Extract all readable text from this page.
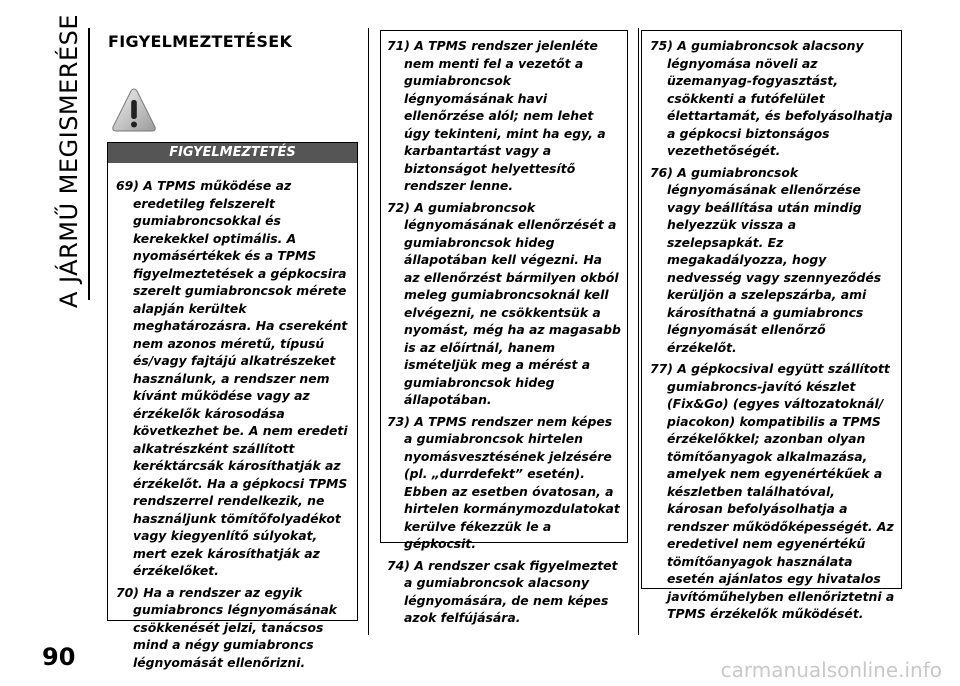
A JÁRMŰ MEGISMERÉSE FIGYELMEZTETÉSEK
FIGYELMEZTETÉS
69) A TPMS működése az eredetileg felszerelt gumiabroncsokkal és kerekekkel optimális. A nyomásértékek és a TPMS figyelmeztetések a gépkocsira szerelt gumiabroncsok mérete alapján kerültek meghatározásra. Ha csereként nem azonos méretű, típusú és/vagy fajtájú alkatrészeket használunk, a rendszer nem kívánt működése vagy az érzékelők károsodása következhet be. A nem eredeti alkatrészként szállított keréktárcsák károsíthatják az érzékelőt. Ha a gépkocsi TPMS rendszerrel rendelkezik, ne használjunk tömítőfolyadékot vagy kiegyenlítő súlyokat, mert ezek károsíthatják az érzékelőket.
70) Ha a rendszer az egyik gumiabroncs légnyomásának csökkenését jelzi, tanácsos mind a négy gumiabroncs légnyomását ellenőrizni.
71) A TPMS rendszer jelenléte nem menti fel a vezetőt a gumiabroncsok légnyomásának havi ellenőrzése alól; nem lehet úgy tekinteni, mint ha egy, a karbantartást vagy a biztonságot helyettesítő rendszer lenne.
72) A gumiabroncsok légnyomásának ellenőrzését a gumiabroncsok hideg állapotában kell végezni. Ha az ellenőrzést bármilyen okból meleg gumiabroncsoknál kell elvégezni, ne csökkentsük a nyomást, még ha az magasabb is az előírtnál, hanem ismételjük meg a mérést a gumiabroncsok hideg állapotában.
73) A TPMS rendszer nem képes a gumiabroncsok hirtelen nyomásvesztésének jelzésére (pl. „durrdefekt” esetén). Ebben az esetben óvatosan, a hirtelen kormánymozdulatokat kerülve fékezzük le a gépkocsit.
74) A rendszer csak figyelmeztet a gumiabroncsok alacsony légnyomására, de nem képes azok felfújására.
75) A gumiabroncsok alacsony légnyomása növeli az üzemanyag-fogyasztást, csökkenti a futófelület élettartamát, és befolyásolhatja a gépkocsi biztonságos vezethetőségét.
76) A gumiabroncsok légnyomásának ellenőrzése vagy beállítása után mindig helyezzük vissza a szelepsapkát. Ez megakadályozza, hogy nedvesség vagy szennyeződés kerüljön a szelepszárba, ami károsíthatná a gumiabroncs légnyomását ellenőrző érzékelőt.
77) A gépkocsival együtt szállított gumiabroncs-javító készlet (Fix&Go) (egyes változatoknál/ piacokon) kompatibilis a TPMS érzékelőkkel; azonban olyan tömítőanyagok alkalmazása, amelyek nem egyenértékűek a készletben találhatóval, károsan befolyásolhatja a rendszer működőképességét. Az eredetivel nem egyenértékű tömítőanyagok használata esetén ajánlatos egy hivatalos javítóműhelyben ellenőriztetni a TPMS érzékelők működését.
90	carmanualsonline.info
